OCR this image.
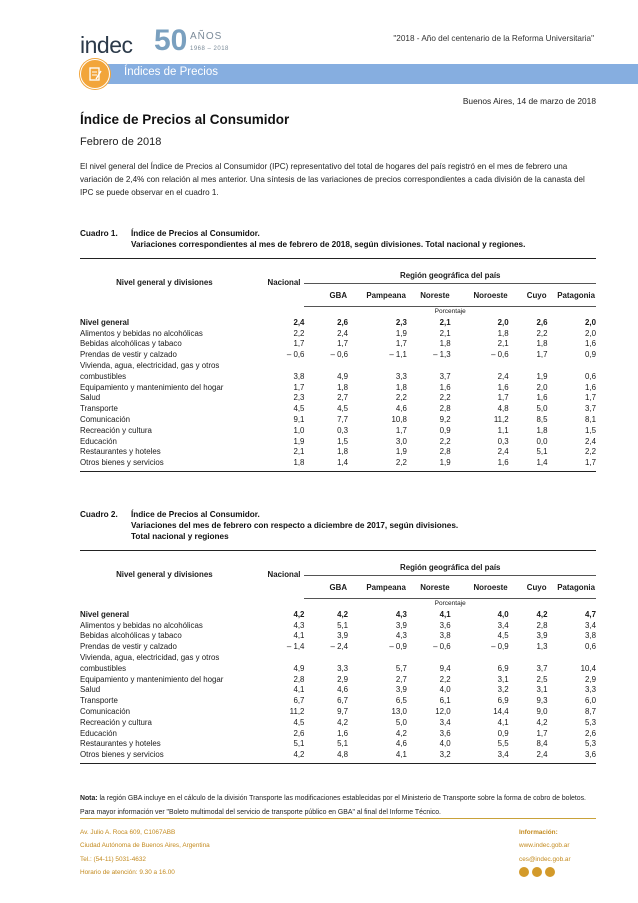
indec 50 AÑOS
1968 – 2018
"2018 - Año del centenario de la Reforma Universitaria"
Índices de Precios
Buenos Aires, 14 de marzo de 2018
Índice de Precios al Consumidor
Febrero de 2018
El nivel general del Índice de Precios al Consumidor (IPC) representativo del total de hogares del país registró en el mes de febrero una variación de 2,4% con relación al mes anterior. Una síntesis de las variaciones de precios correspondientes a cada división de la canasta del IPC se puede observar en el cuadro 1.
Cuadro 1.	Índice de Precios al Consumidor.
Variaciones correspondientes al mes de febrero de 2018, según divisiones. Total nacional y regiones.
Nivel general y divisiones	Nacional	Región geográfica del país					
		GBA	Pampeana	Noreste	Noroeste	Cuyo	Patagonia
		Porcentaje					
Nivel general	2,4	2,6	2,3	2,1	2,0	2,6	2,0
Alimentos y bebidas no alcohólicas	2,2	2,4	1,9	2,1	1,8	2,2	2,0
Bebidas alcohólicas y tabaco	1,7	1,7	1,7	1,8	2,1	1,8	1,6
Prendas de vestir y calzado	– 0,6	– 0,6	– 1,1	– 1,3	– 0,6	1,7	0,9
Vivienda, agua, electricidad, gas y otros							
combustibles	3,8	4,9	3,3	3,7	2,4	1,9	0,6
Equipamiento y mantenimiento del hogar	1,7	1,8	1,8	1,6	1,6	2,0	1,6
Salud	2,3	2,7	2,2	2,2	1,7	1,6	1,7
Transporte	4,5	4,5	4,6	2,8	4,8	5,0	3,7
Comunicación	9,1	7,7	10,8	9,2	11,2	8,5	8,1
Recreación y cultura	1,0	0,3	1,7	0,9	1,1	1,8	1,5
Educación	1,9	1,5	3,0	2,2	0,3	0,0	2,4
Restaurantes y hoteles	2,1	1,8	1,9	2,8	2,4	5,1	2,2
Otros bienes y servicios	1,8	1,4	2,2	1,9	1,6	1,4	1,7
Cuadro 2.	Índice de Precios al Consumidor.
Variaciones del mes de febrero con respecto a diciembre de 2017, según divisiones.
Total nacional y regiones
Nivel general y divisiones	Nacional	Región geográfica del país					
		GBA	Pampeana	Noreste	Noroeste	Cuyo	Patagonia
		Porcentaje					
Nivel general	4,2	4,2	4,3	4,1	4,0	4,2	4,7
Alimentos y bebidas no alcohólicas	4,3	5,1	3,9	3,6	3,4	2,8	3,4
Bebidas alcohólicas y tabaco	4,1	3,9	4,3	3,8	4,5	3,9	3,8
Prendas de vestir y calzado	– 1,4	– 2,4	– 0,9	– 0,6	– 0,9	1,3	0,6
Vivienda, agua, electricidad, gas y otros							
combustibles	4,9	3,3	5,7	9,4	6,9	3,7	10,4
Equipamiento y mantenimiento del hogar	2,8	2,9	2,7	2,2	3,1	2,5	2,9
Salud	4,1	4,6	3,9	4,0	3,2	3,1	3,3
Transporte	6,7	6,7	6,5	6,1	6,9	9,3	6,0
Comunicación	11,2	9,7	13,0	12,0	14,4	9,0	8,7
Recreación y cultura	4,5	4,2	5,0	3,4	4,1	4,2	5,3
Educación	2,6	1,6	4,2	3,6	0,9	1,7	2,6
Restaurantes y hoteles	5,1	5,1	4,6	4,0	5,5	8,4	5,3
Otros bienes y servicios	4,2	4,8	4,1	3,2	3,4	2,4	3,6
Nota: la región GBA incluye en el cálculo de la división Transporte las modificaciones establecidas por el Ministerio de Transporte sobre la forma de cobro de boletos. Para mayor información ver "Boleto multimodal del servicio de transporte público en GBA" al final del Informe Técnico.
Av. Julio A. Roca 609, C1067ABB
Ciudad Autónoma de Buenos Aires, Argentina
Tel.: (54-11) 5031-4632
Horario de atención: 9.30 a 16.00
Información:
www.indec.gob.ar
ces@indec.gob.ar
